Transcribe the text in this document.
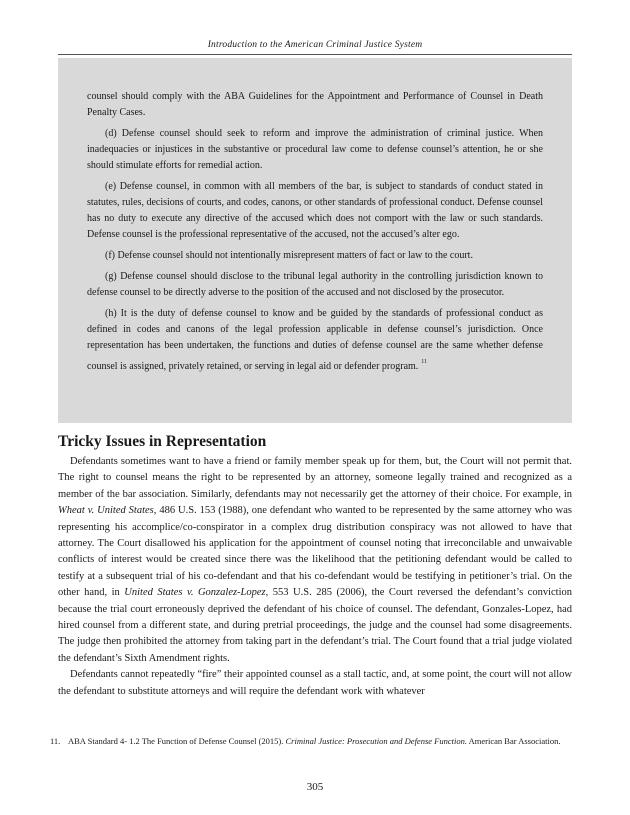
Introduction to the American Criminal Justice System

counsel should comply with the ABA Guidelines for the Appointment and Performance of Counsel in Death Penalty Cases.

(d) Defense counsel should seek to reform and improve the administration of criminal justice. When inadequacies or injustices in the substantive or procedural law come to defense counsel’s attention, he or she should stimulate efforts for remedial action.

(e) Defense counsel, in common with all members of the bar, is subject to standards of conduct stated in statutes, rules, decisions of courts, and codes, canons, or other standards of professional conduct. Defense counsel has no duty to execute any directive of the accused which does not comport with the law or such standards. Defense counsel is the professional representative of the accused, not the accused’s alter ego.

(f) Defense counsel should not intentionally misrepresent matters of fact or law to the court.

(g) Defense counsel should disclose to the tribunal legal authority in the controlling jurisdiction known to defense counsel to be directly adverse to the position of the accused and not disclosed by the prosecutor.

(h) It is the duty of defense counsel to know and be guided by the standards of professional conduct as defined in codes and canons of the legal profession applicable in defense counsel’s jurisdiction. Once representation has been undertaken, the functions and duties of defense counsel are the same whether defense counsel is assigned, privately retained, or serving in legal aid or defender program. $^{11}$

Tricky Issues in Representation

Defendants sometimes want to have a friend or family member speak up for them, but, the Court will not permit that. The right to counsel means the right to be represented by an attorney, someone legally trained and recognized as a member of the bar association. Similarly, defendants may not necessarily get the attorney of their choice. For example, in Wheat v. United States, 486 U.S. 153 (1988), one defendant who wanted to be represented by the same attorney who was representing his accomplice/co-conspirator in a complex drug distribution conspiracy was not allowed to have that attorney. The Court disallowed his application for the appointment of counsel noting that irreconcilable and unwaivable conflicts of interest would be created since there was the likelihood that the petitioning defendant would be called to testify at a subsequent trial of his co-defendant and that his co-defendant would be testifying in petitioner’s trial. On the other hand, in United States v. Gonzalez-Lopez, 553 U.S. 285 (2006), the Court reversed the defendant’s conviction because the trial court erroneously deprived the defendant of his choice of counsel. The defendant, Gonzales-Lopez, had hired counsel from a different state, and during pretrial proceedings, the judge and the counsel had some disagreements. The judge then prohibited the attorney from taking part in the defendant’s trial. The Court found that a trial judge violated the defendant’s Sixth Amendment rights.

Defendants cannot repeatedly “fire” their appointed counsel as a stall tactic, and, at some point, the court will not allow the defendant to substitute attorneys and will require the defendant work with whatever

11. ABA Standard 4- 1.2 The Function of Defense Counsel (2015). Criminal Justice: Prosecution and Defense Function. American Bar Association.
305
